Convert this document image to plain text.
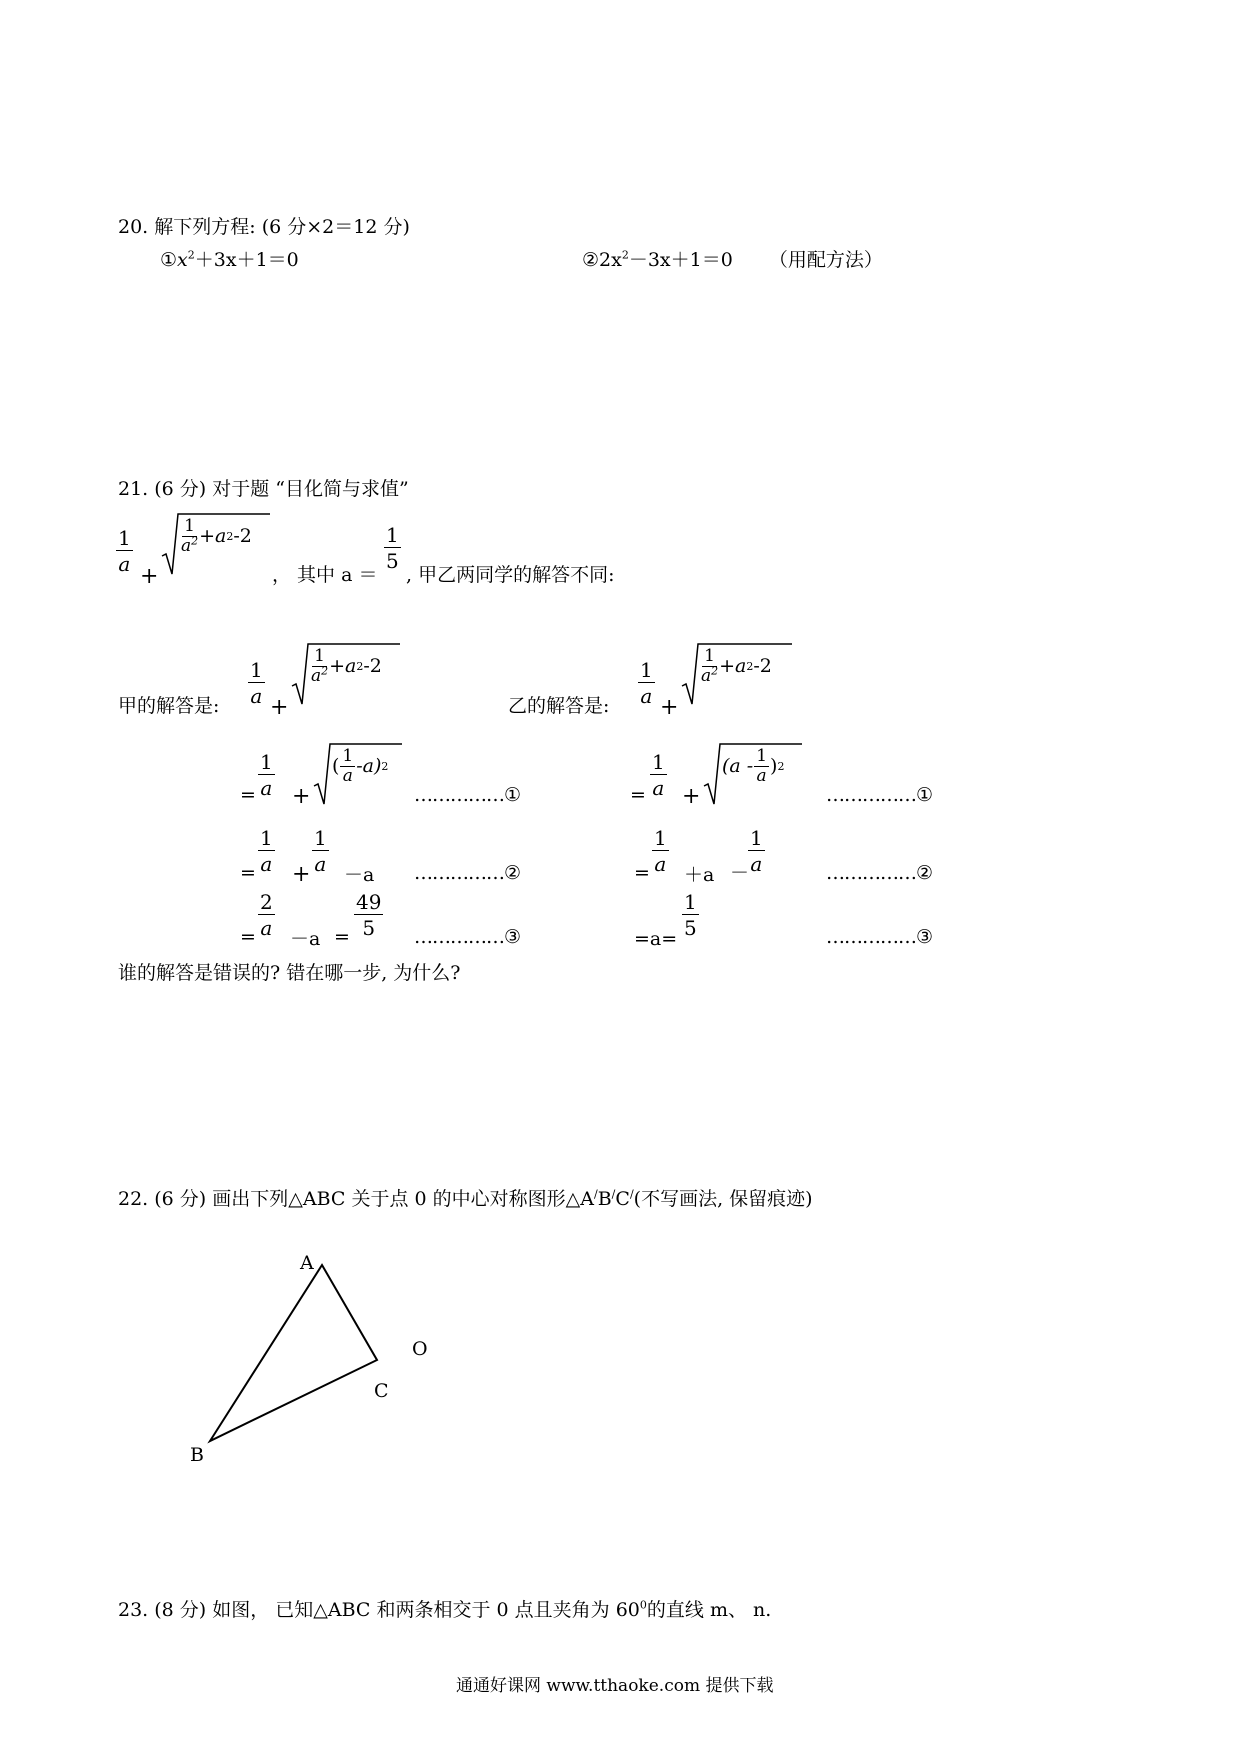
20. 解下列方程: (6 分×2＝12 分)
$①x^2+3x+1=0$	$②2x^2-3x+1=0$ （用配方法）
21. (6 分) 对于题 “目化简与求值”
$\frac{1}{a}$
+
1
$a^2 +a$ 2 -2
， 其中 a ＝
$\frac{1}{5}$
, 甲乙两同学的解答不同:
甲的解答是: $\frac{1}{a}$
+
1
$a^2 +a$ 2 -2
乙的解答是: $\frac{1}{a}$
+
1
$a^2 +a$ 2 -2
= $\frac{1}{a}$ +
( 1
a -a) 2
……………①	= $\frac{1}{a}$ +
(a - 1
a ) 2
……………①
= $\frac{1}{a}$
+
$\frac{1}{a}$
－a ……………②	= $\frac{1}{a}$
＋a －
$\frac{1}{a}$	……………②
= $\frac{2}{a}$
$-a = \frac{49}{5}$ ……………③	=a=
$\frac{1}{5}$	……………③
谁的解答是错误的? 错在哪一步, 为什么?
22. (6 分) 画出下列△ABC 关于点 0 的中心对称图形△A/B/C/(不写画法, 保留痕迹)
A
B
C
O
23. (8 分) 如图， 已知△ABC 和两条相交于 0 点且夹角为 $60^0$的直线 m、 n.
通通好课网 www.tthaoke.com 提供下载
